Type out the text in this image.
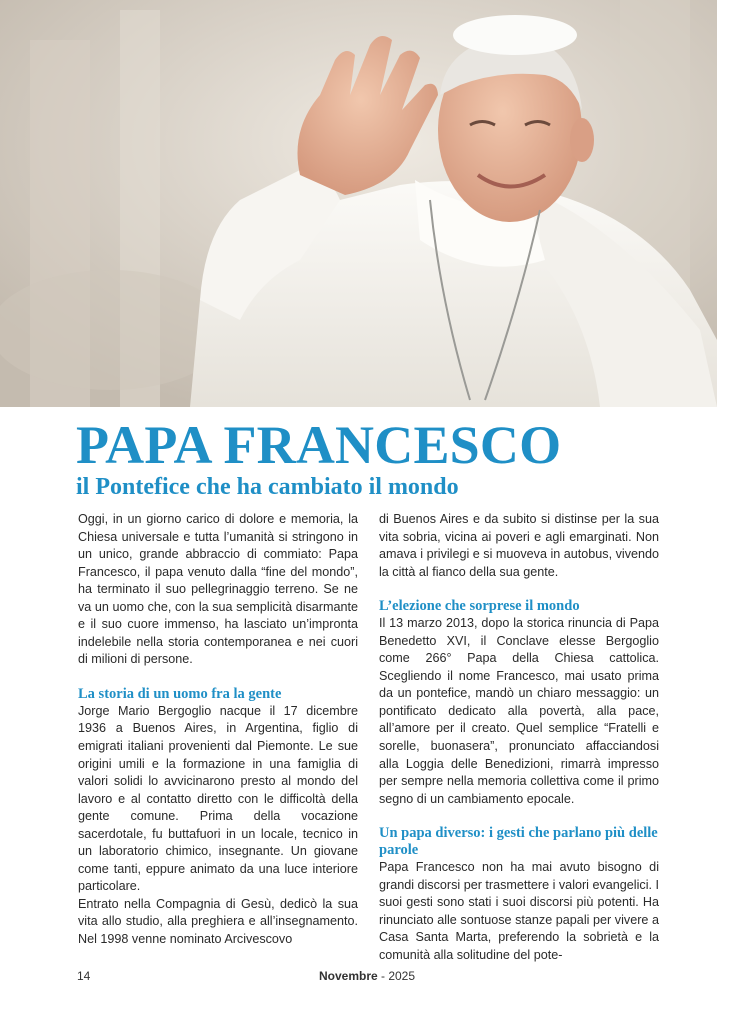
PAPA FRANCESCO
il Pontefice che ha cambiato il mondo

Oggi, in un giorno carico di dolore e memoria, la Chiesa universale e tutta l’umanità si stringono in un unico, grande abbraccio di commiato: Papa Francesco, il papa venuto dalla “fine del mondo”, ha terminato il suo pellegrinaggio terreno. Se ne va un uomo che, con la sua semplicità disarmante e il suo cuore immenso, ha lasciato un’impronta indelebile nella storia contemporanea e nei cuori di milioni di persone.

La storia di un uomo fra la gente

Jorge Mario Bergoglio nacque il 17 dicembre 1936 a Buenos Aires, in Argentina, figlio di emigrati italiani provenienti dal Piemonte. Le sue origini umili e la formazione in una famiglia di valori solidi lo avvicinarono presto al mondo del lavoro e al contatto diretto con le difficoltà della gente comune. Prima della vocazione sacerdotale, fu buttafuori in un locale, tecnico in un laboratorio chimico, insegnante. Un giovane come tanti, eppure animato da una luce interiore particolare.

Entrato nella Compagnia di Gesù, dedicò la sua vita allo studio, alla preghiera e all’insegnamento. Nel 1998 venne nominato Arcivescovo

di Buenos Aires e da subito si distinse per la sua vita sobria, vicina ai poveri e agli emarginati. Non amava i privilegi e si muoveva in autobus, vivendo la città al fianco della sua gente.

L’elezione che sorprese il mondo

Il 13 marzo 2013, dopo la storica rinuncia di Papa Benedetto XVI, il Conclave elesse Bergoglio come 266° Papa della Chiesa cattolica. Scegliendo il nome Francesco, mai usato prima da un pontefice, mandò un chiaro messaggio: un pontificato dedicato alla povertà, alla pace, all’amore per il creato. Quel semplice “Fratelli e sorelle, buonasera”, pronunciato affacciandosi alla Loggia delle Benedizioni, rimarrà impresso per sempre nella memoria collettiva come il primo segno di un cambiamento epocale.

Un papa diverso: i gesti che parlano più delle parole

Papa Francesco non ha mai avuto bisogno di grandi discorsi per trasmettere i valori evangelici. I suoi gesti sono stati i suoi discorsi più potenti. Ha rinunciato alle sontuose stanze papali per vivere a Casa Santa Marta, preferendo la sobrietà e la comunità alla solitudine del pote-

14	Novembre - 2025
